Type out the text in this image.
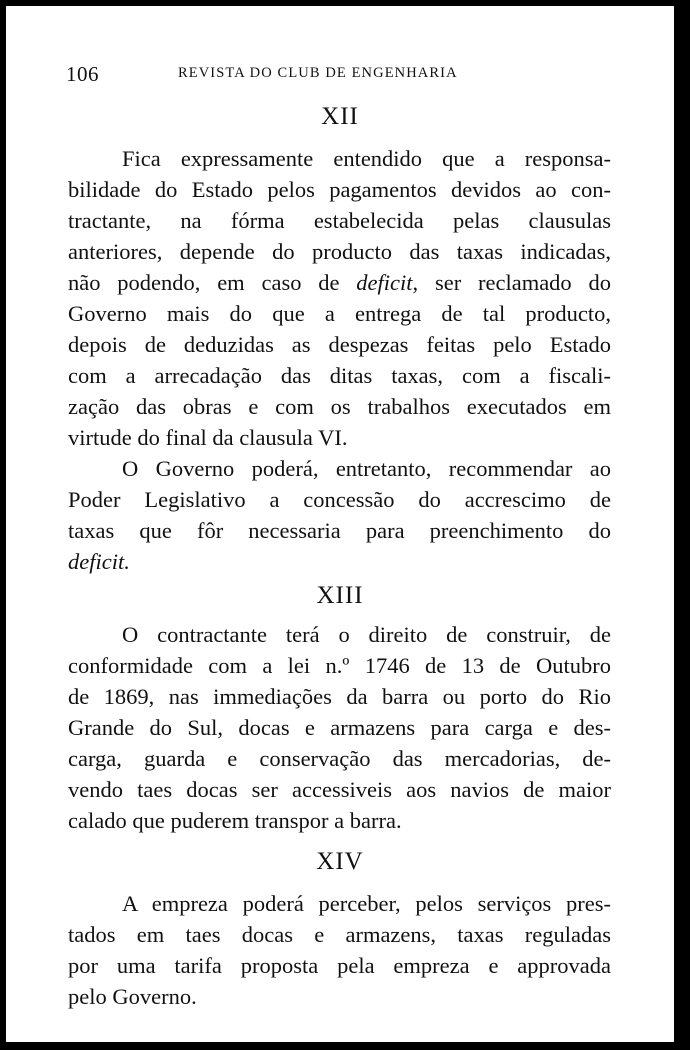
106	REVISTA DO CLUB DE ENGENHARIA
XII
Fica expressamente entendido que a responsa-
bilidade do Estado pelos pagamentos devidos ao con-
tractante, na fórma estabelecida pelas clausulas
anteriores, depende do producto das taxas indicadas,
não podendo, em caso de deficit, ser reclamado do
Governo mais do que a entrega de tal producto,
depois de deduzidas as despezas feitas pelo Estado
com a arrecadação das ditas taxas, com a fiscali-
zação das obras e com os trabalhos executados em
virtude do final da clausula VI.
O Governo poderá, entretanto, recommendar ao
Poder Legislativo a concessão do accrescimo de
taxas que fôr necessaria para preenchimento do
deficit.
XIII
O contractante terá o direito de construir, de
conformidade com a lei n.º 1746 de 13 de Outubro
de 1869, nas immediações da barra ou porto do Rio
Grande do Sul, docas e armazens para carga e des-
carga, guarda e conservação das mercadorias, de-
vendo taes docas ser accessiveis aos navios de maior
calado que puderem transpor a barra.
XIV
A empreza poderá perceber, pelos serviços pres-
tados em taes docas e armazens, taxas reguladas
por uma tarifa proposta pela empreza e approvada
pelo Governo.
